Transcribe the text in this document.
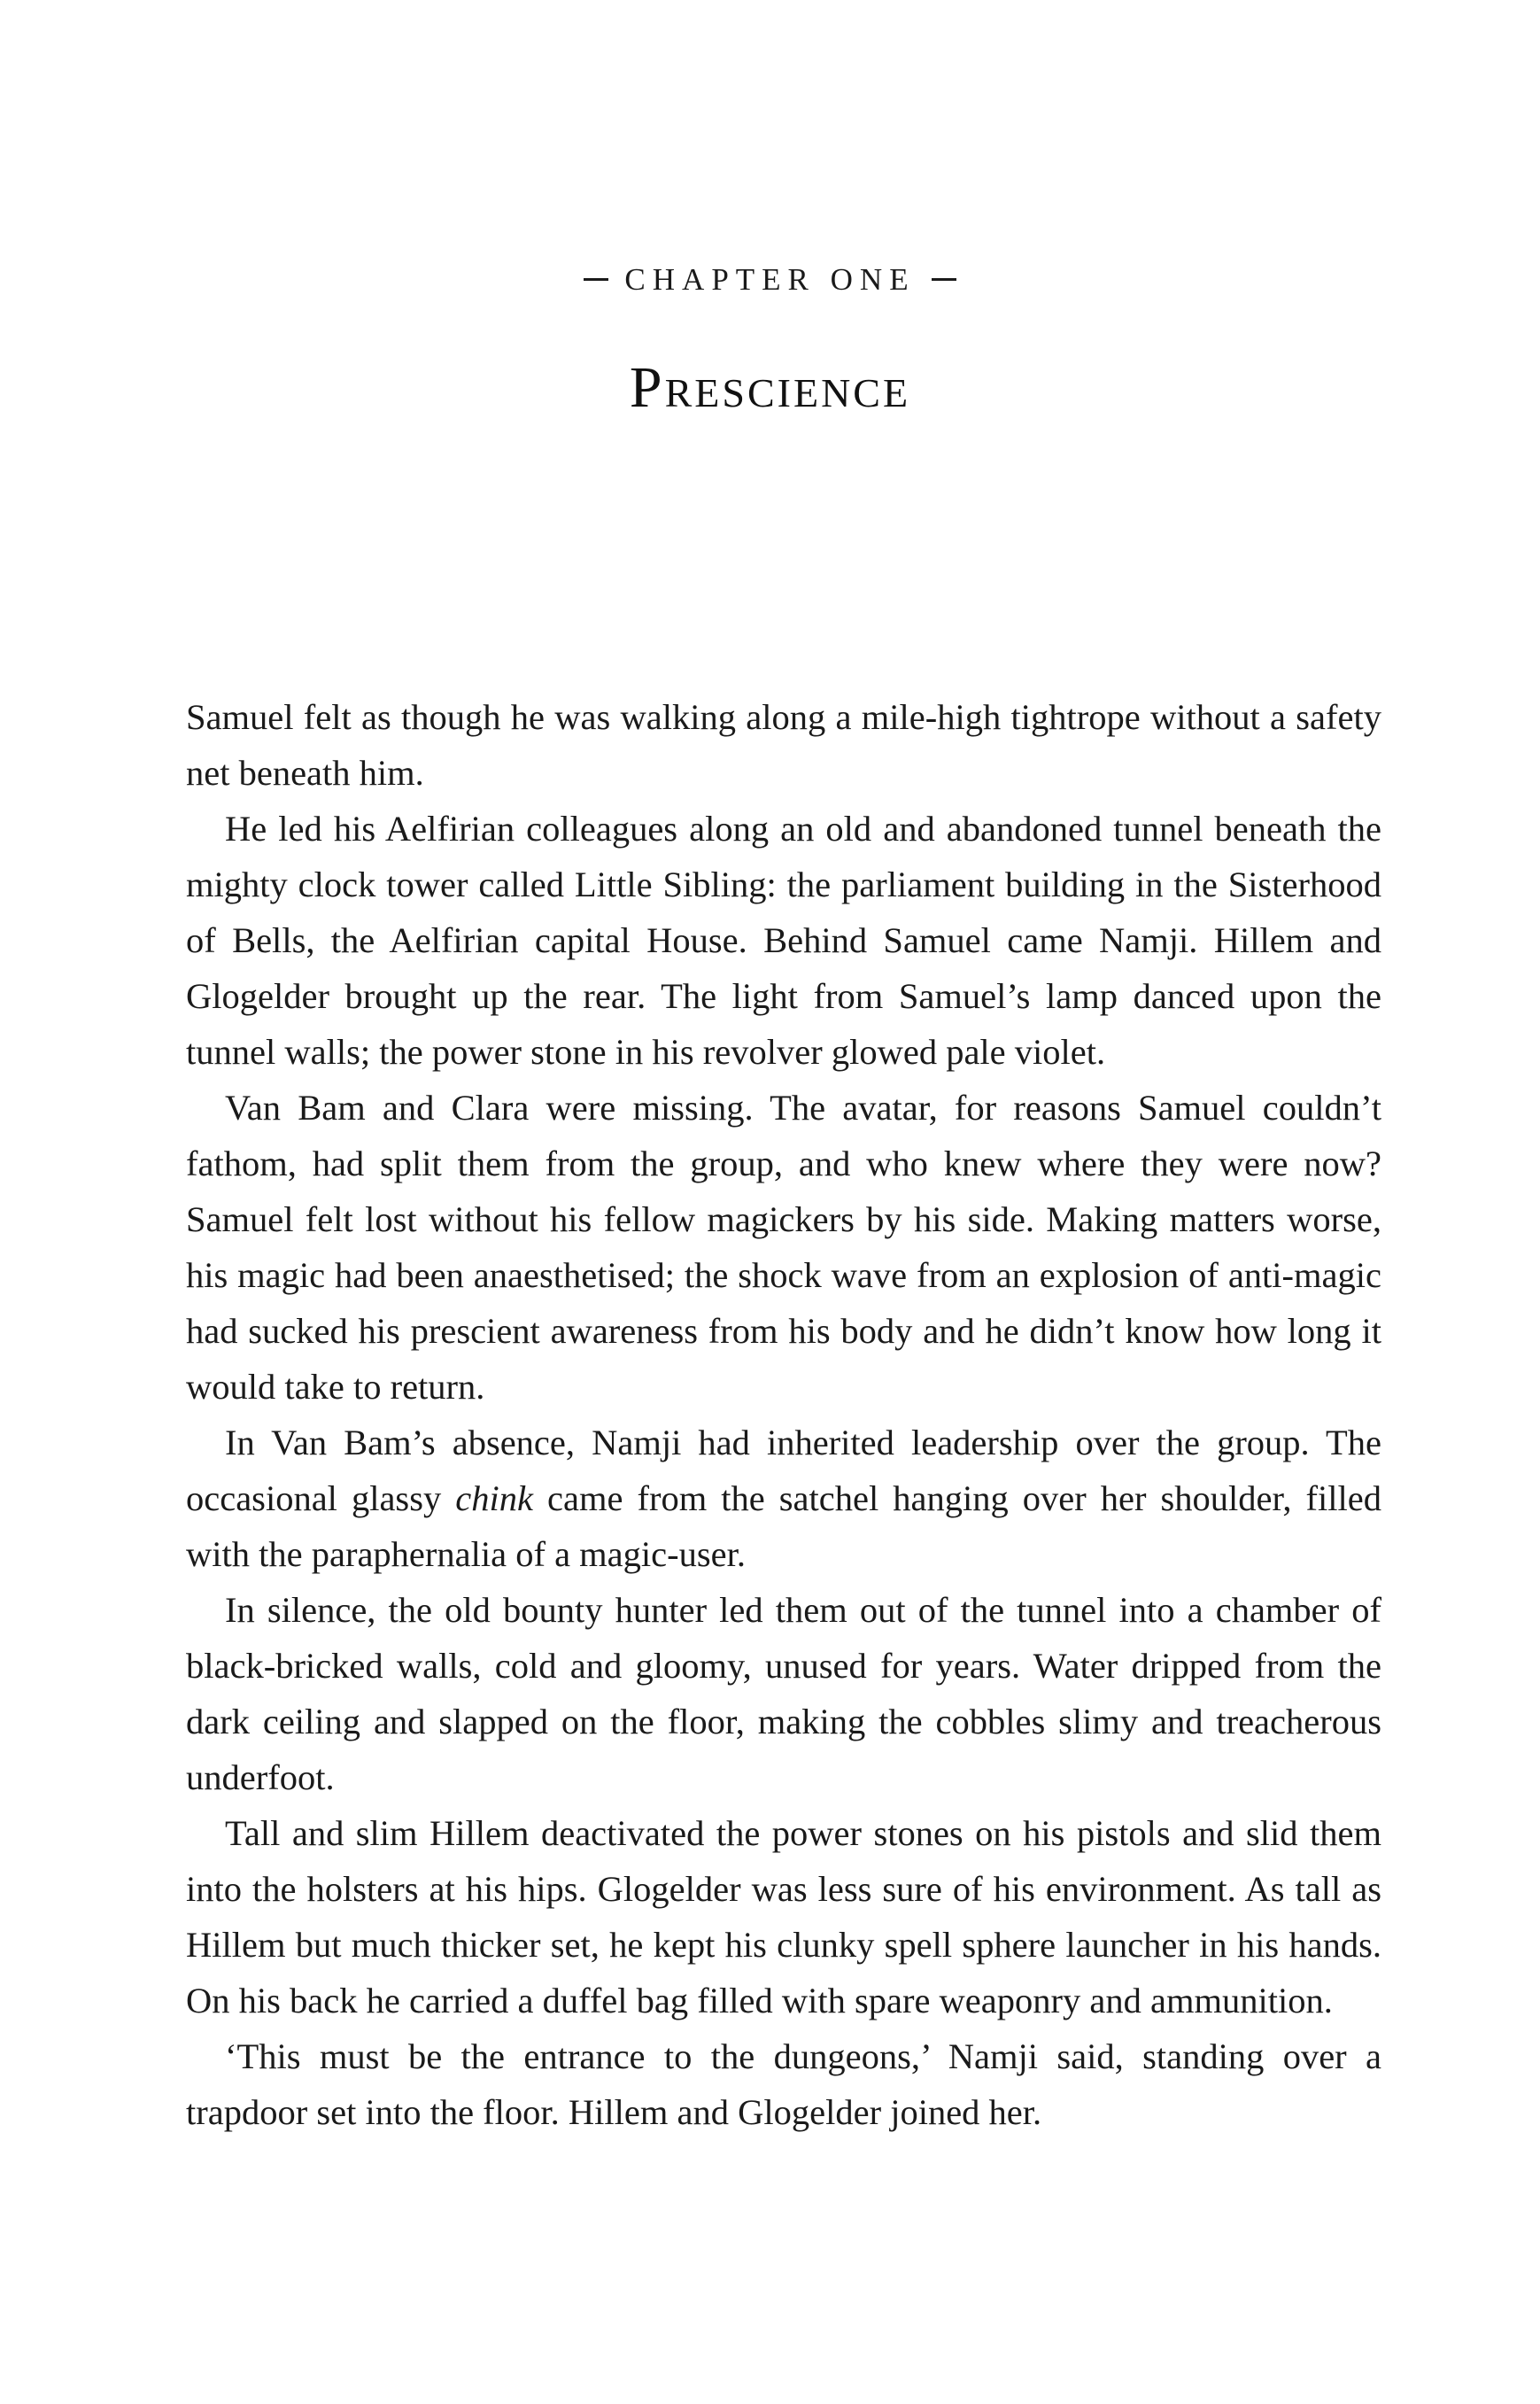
CHAPTER ONE
Prescience

Samuel felt as though he was walking along a mile-high tightrope without a safety net beneath him.

He led his Aelfirian colleagues along an old and abandoned tunnel beneath the mighty clock tower called Little Sibling: the parliament building in the Sisterhood of Bells, the Aelfirian capital House. Behind Samuel came Namji. Hillem and Glogelder brought up the rear. The light from Samuel’s lamp danced upon the tunnel walls; the power stone in his revolver glowed pale violet.

Van Bam and Clara were missing. The avatar, for reasons Samuel couldn’t fathom, had split them from the group, and who knew where they were now? Samuel felt lost without his fellow magickers by his side. Making matters worse, his magic had been anaesthetised; the shock wave from an explosion of anti-magic had sucked his prescient awareness from his body and he didn’t know how long it would take to return.

In Van Bam’s absence, Namji had inherited leadership over the group. The occasional glassy chink came from the satchel hanging over her shoulder, filled with the paraphernalia of a magic-user.

In silence, the old bounty hunter led them out of the tunnel into a chamber of black-bricked walls, cold and gloomy, unused for years. Water dripped from the dark ceiling and slapped on the floor, making the cobbles slimy and treacherous underfoot.

Tall and slim Hillem deactivated the power stones on his pistols and slid them into the holsters at his hips. Glogelder was less sure of his environment. As tall as Hillem but much thicker set, he kept his clunky spell sphere launcher in his hands. On his back he carried a duffel bag filled with spare weaponry and ammunition.

‘This must be the entrance to the dungeons,’ Namji said, standing over a trapdoor set into the floor. Hillem and Glogelder joined her.
